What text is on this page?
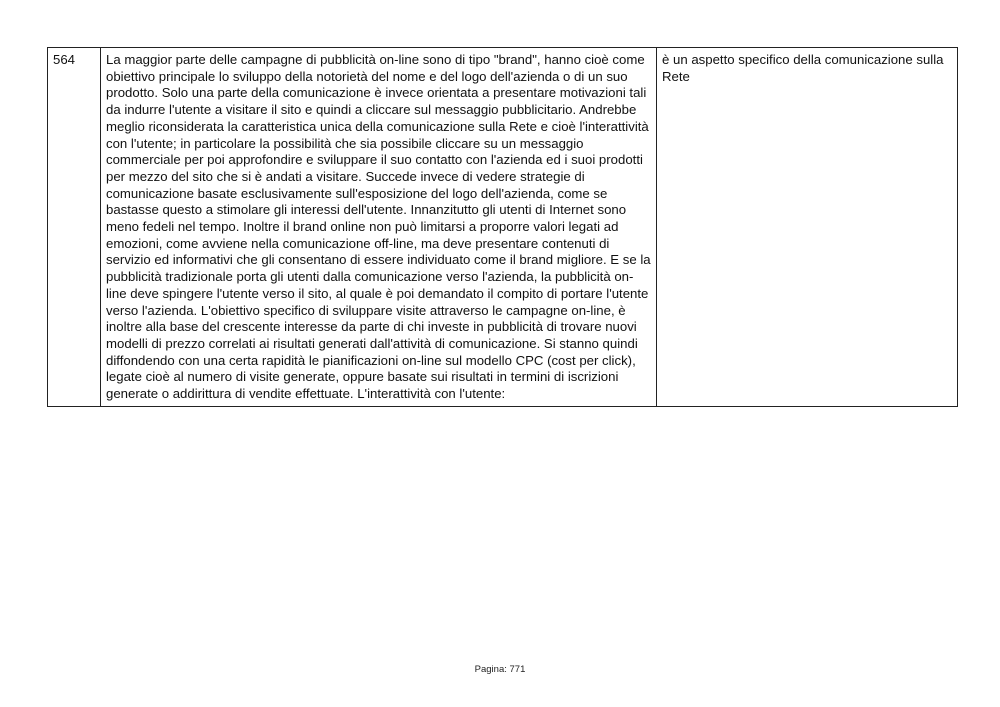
564	La maggior parte delle campagne di pubblicità on-line sono di tipo "brand", hanno cioè come obiettivo principale lo sviluppo della notorietà del nome e del logo dell'azienda o di un suo prodotto. Solo una parte della comunicazione è invece orientata a presentare motivazioni tali da indurre l'utente a visitare il sito e quindi a cliccare sul messaggio pubblicitario. Andrebbe meglio riconsiderata la caratteristica unica della comunicazione sulla Rete e cioè l'interattività con l'utente; in particolare la possibilità che sia possibile cliccare su un messaggio commerciale per poi approfondire e sviluppare il suo contatto con l'azienda ed i suoi prodotti per mezzo del sito che si è andati a visitare. Succede invece di vedere strategie di comunicazione basate esclusivamente sull'esposizione del logo dell'azienda, come se bastasse questo a stimolare gli interessi dell'utente. Innanzitutto gli utenti di Internet sono meno fedeli nel tempo. Inoltre il brand online non può limitarsi a proporre valori legati ad emozioni, come avviene nella comunicazione off-line, ma deve presentare contenuti di servizio ed informativi che gli consentano di essere individuato come il brand migliore. E se la pubblicità tradizionale porta gli utenti dalla comunicazione verso l'azienda, la pubblicità on-line deve spingere l'utente verso il sito, al quale è poi demandato il compito di portare l'utente verso l'azienda. L'obiettivo specifico di sviluppare visite attraverso le campagne on-line, è inoltre alla base del crescente interesse da parte di chi investe in pubblicità di trovare nuovi modelli di prezzo correlati ai risultati generati dall'attività di comunicazione. Si stanno quindi diffondendo con una certa rapidità le pianificazioni on-line sul modello CPC (cost per click), legate cioè al numero di visite generate, oppure basate sui risultati in termini di iscrizioni generate o addirittura di vendite effettuate. L'interattività con l'utente:	è un aspetto specifico della comunicazione sulla Rete
Pagina: 771
